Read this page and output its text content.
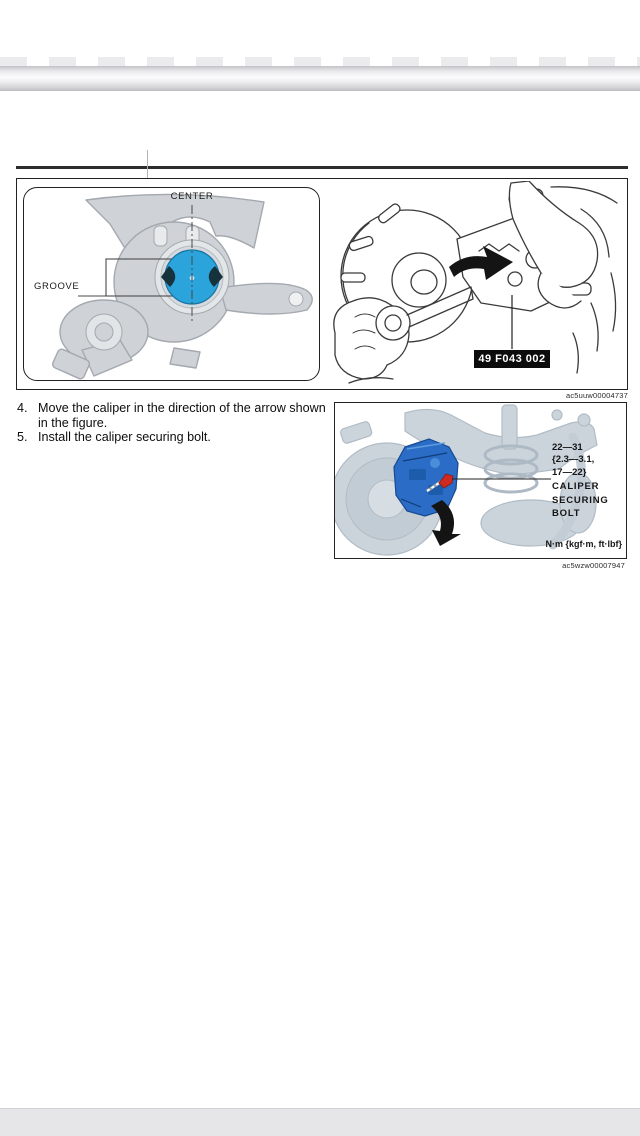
CENTER
GROOVE
49 F043 002
ac5uuw00004737
4. Move the caliper in the direction of the arrow shown
in the figure.
5. Install the caliper securing bolt.
22—31
{2.3—3.1,
17—22}
CALIPER
SECURING
BOLT
N·m {kgf·m, ft·lbf}
ac5wzw00007947
